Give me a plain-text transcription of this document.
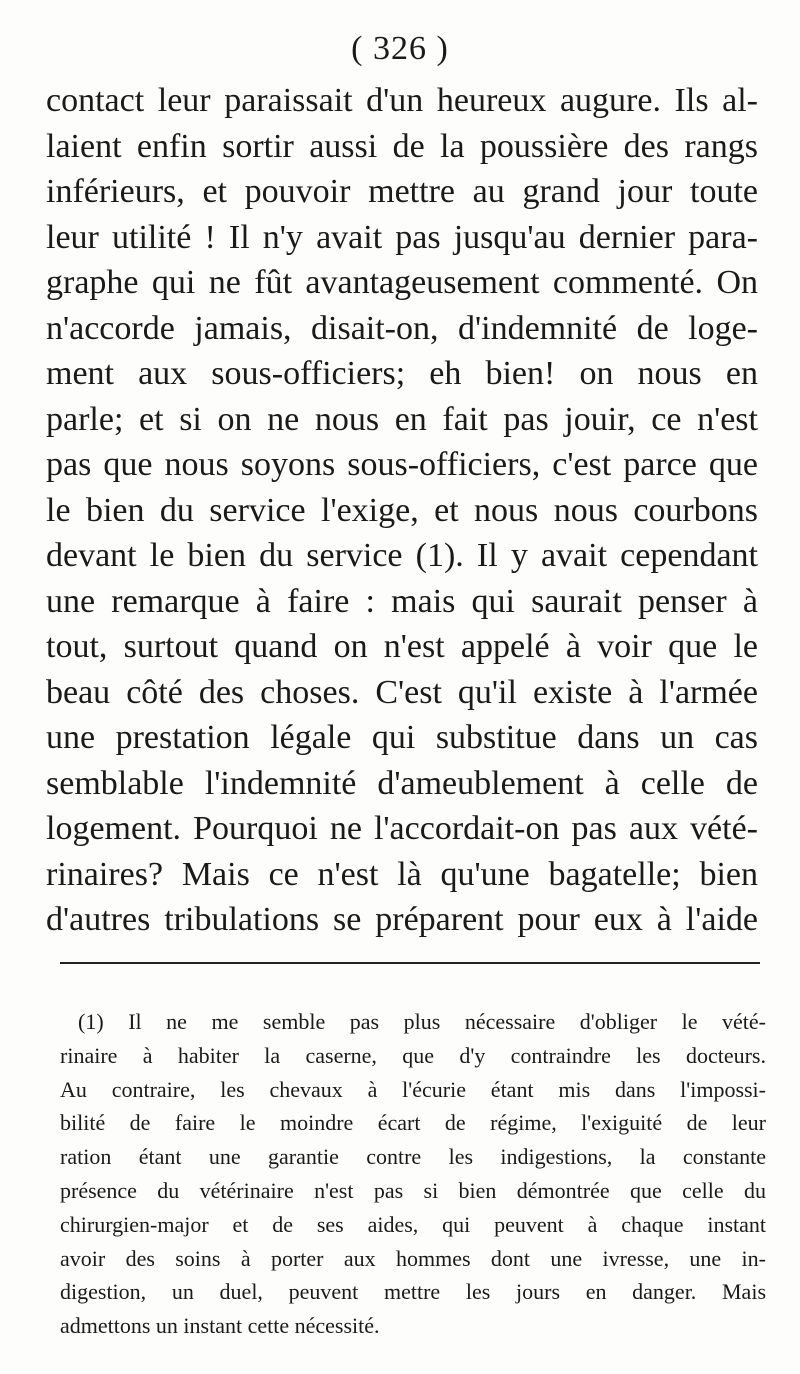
( 326 )
contact leur paraissait d'un heureux augure. Ils al-
laient enfin sortir aussi de la poussière des rangs
inférieurs, et pouvoir mettre au grand jour toute
leur utilité ! Il n'y avait pas jusqu'au dernier para-
graphe qui ne fût avantageusement commenté. On
n'accorde jamais, disait-on, d'indemnité de loge-
ment aux sous-officiers; eh bien! on nous en
parle; et si on ne nous en fait pas jouir, ce n'est
pas que nous soyons sous-officiers, c'est parce que
le bien du service l'exige, et nous nous courbons
devant le bien du service (1). Il y avait cependant
une remarque à faire : mais qui saurait penser à
tout, surtout quand on n'est appelé à voir que le
beau côté des choses. C'est qu'il existe à l'armée
une prestation légale qui substitue dans un cas
semblable l'indemnité d'ameublement à celle de
logement. Pourquoi ne l'accordait-on pas aux vété-
rinaires? Mais ce n'est là qu'une bagatelle; bien
d'autres tribulations se préparent pour eux à l'aide
(1) Il ne me semble pas plus nécessaire d'obliger le vété-
rinaire à habiter la caserne, que d'y contraindre les docteurs.
Au contraire, les chevaux à l'écurie étant mis dans l'impossi-
bilité de faire le moindre écart de régime, l'exiguité de leur
ration étant une garantie contre les indigestions, la constante
présence du vétérinaire n'est pas si bien démontrée que celle du
chirurgien-major et de ses aides, qui peuvent à chaque instant
avoir des soins à porter aux hommes dont une ivresse, une in-
digestion, un duel, peuvent mettre les jours en danger. Mais
admettons un instant cette nécessité.
